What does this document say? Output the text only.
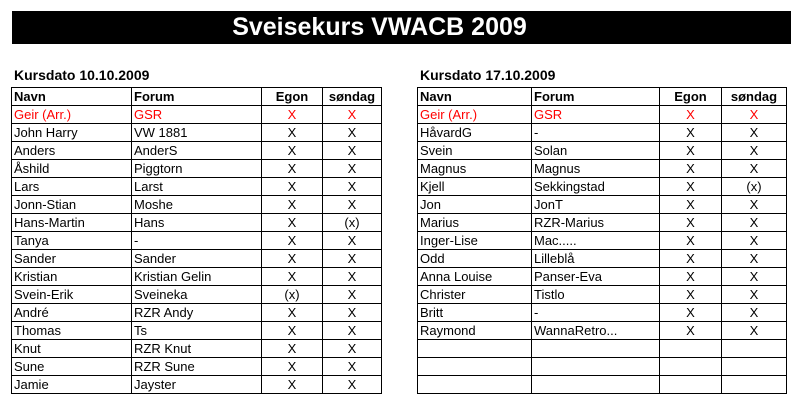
Sveisekurs VWACB 2009
Kursdato 10.10.2009	Kursdato 17.10.2009
Navn	Forum	Egon	søndag
Geir (Arr.)	GSR	X	X
John Harry	VW 1881	X	X
Anders	AnderS	X	X
Åshild	Piggtorn	X	X
Lars	Larst	X	X
Jonn-Stian	Moshe	X	X
Hans-Martin	Hans	X	(x)
Tanya	-	X	X
Sander	Sander	X	X
Kristian	Kristian Gelin	X	X
Svein-Erik	Sveineka	(x)	X
André	RZR Andy	X	X
Thomas	Ts	X	X
Knut	RZR Knut	X	X
Sune	RZR Sune	X	X
Jamie	Jayster	X	X
Navn	Forum	Egon	søndag
Geir (Arr.)	GSR	X	X
HåvardG	-	X	X
Svein	Solan	X	X
Magnus	Magnus	X	X
Kjell	Sekkingstad	X	(x)
Jon	JonT	X	X
Marius	RZR-Marius	X	X
Inger-Lise	Mac.....	X	X
Odd	Lilleblå	X	X
Anna Louise	Panser-Eva	X	X
Christer	Tistlo	X	X
Britt	-	X	X
Raymond	WannaRetro...	X	X
